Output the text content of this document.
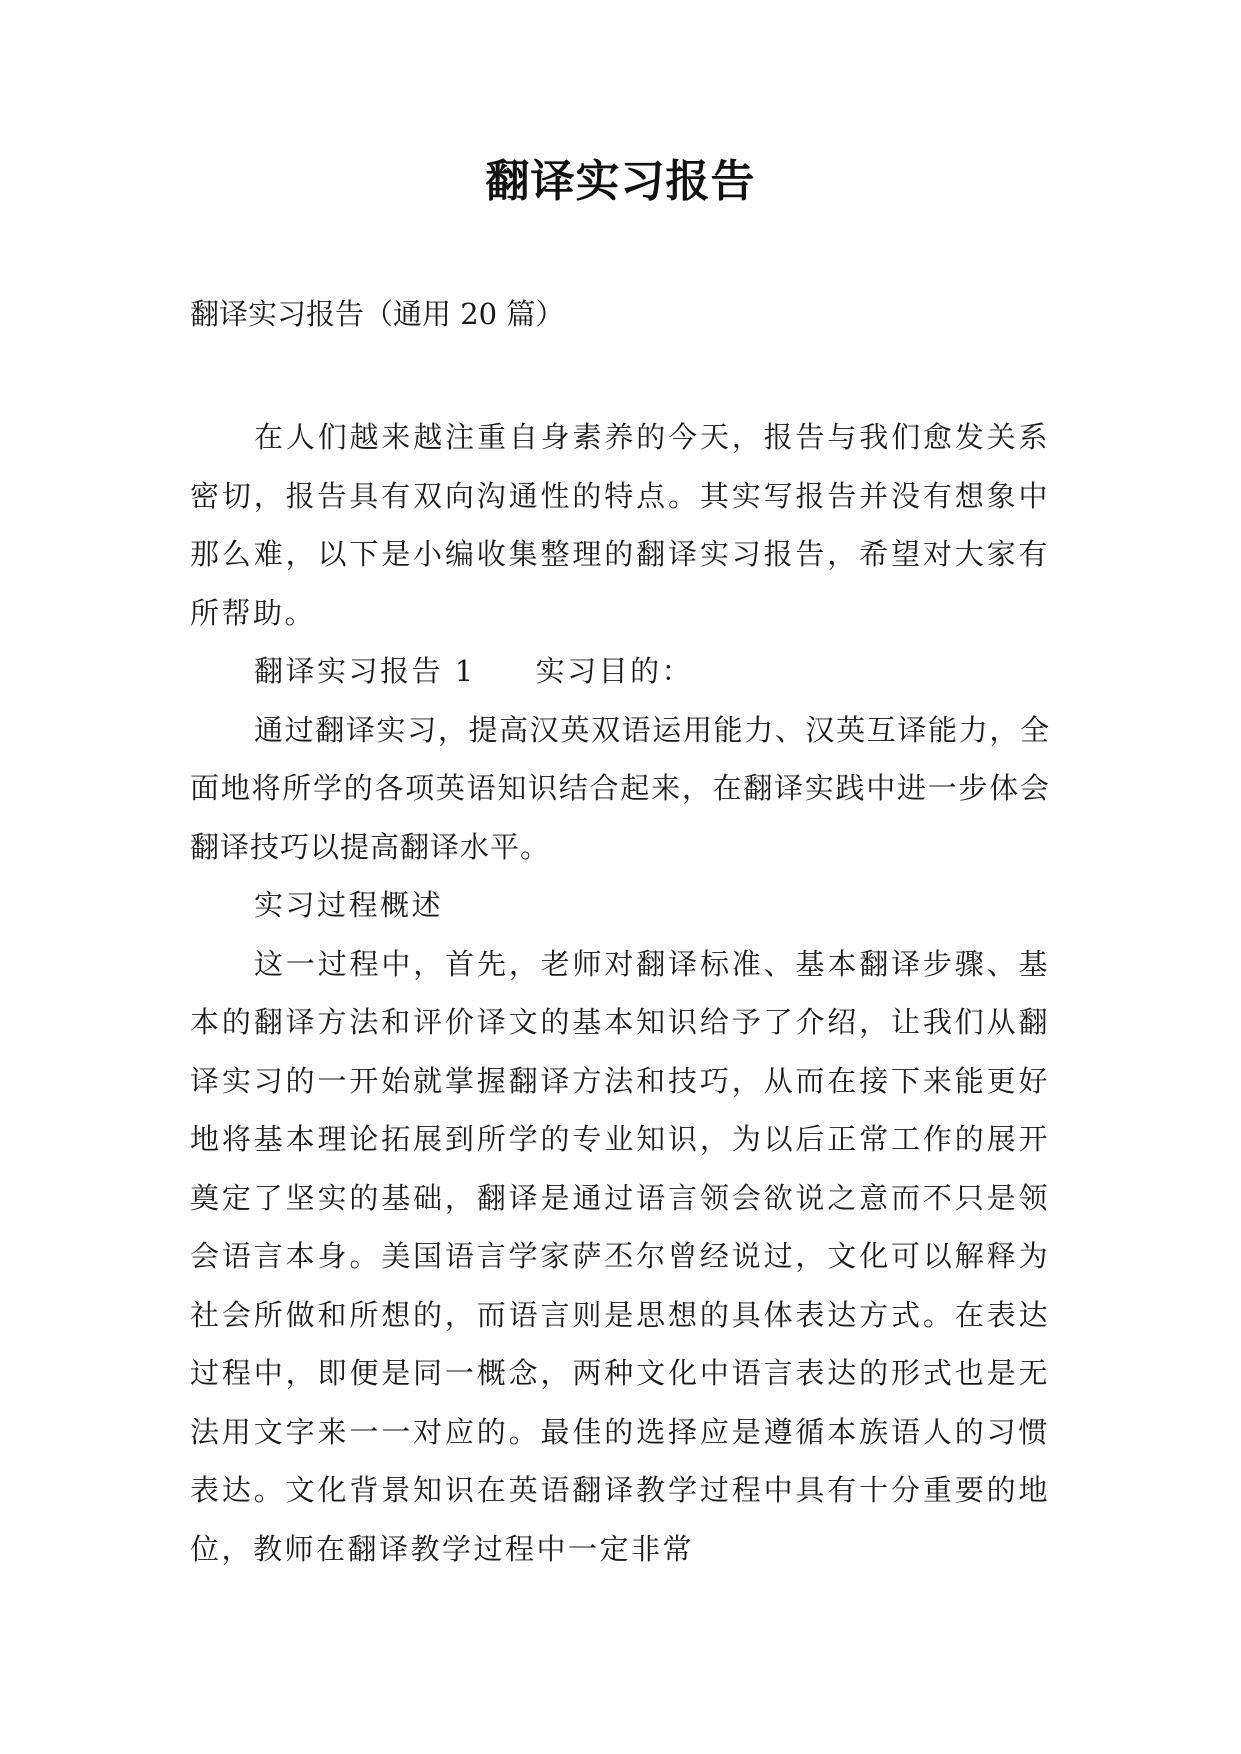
翻译实习报告
翻译实习报告（通用 20 篇）

在人们越来越注重自身素养的今天，报告与我们愈发关系密切，报告具有双向沟通性的特点。其实写报告并没有想象中那么难，以下是小编收集整理的翻译实习报告，希望对大家有所帮助。

翻译实习报告 1 实习目的：

通过翻译实习，提高汉英双语运用能力、汉英互译能力，全面地将所学的各项英语知识结合起来，在翻译实践中进一步体会翻译技巧以提高翻译水平。

实习过程概述

这一过程中，首先，老师对翻译标准、基本翻译步骤、基本的翻译方法和评价译文的基本知识给予了介绍，让我们从翻译实习的一开始就掌握翻译方法和技巧，从而在接下来能更好地将基本理论拓展到所学的专业知识，为以后正常工作的展开奠定了坚实的基础，翻译是通过语言领会欲说之意而不只是领会语言本身。美国语言学家萨丕尔曾经说过，文化可以解释为社会所做和所想的，而语言则是思想的具体表达方式。在表达过程中，即便是同一概念，两种文化中语言表达的形式也是无法用文字来一一对应的。最佳的选择应是遵循本族语人的习惯表达。文化背景知识在英语翻译教学过程中具有十分重要的地位，教师在翻译教学过程中一定非常
